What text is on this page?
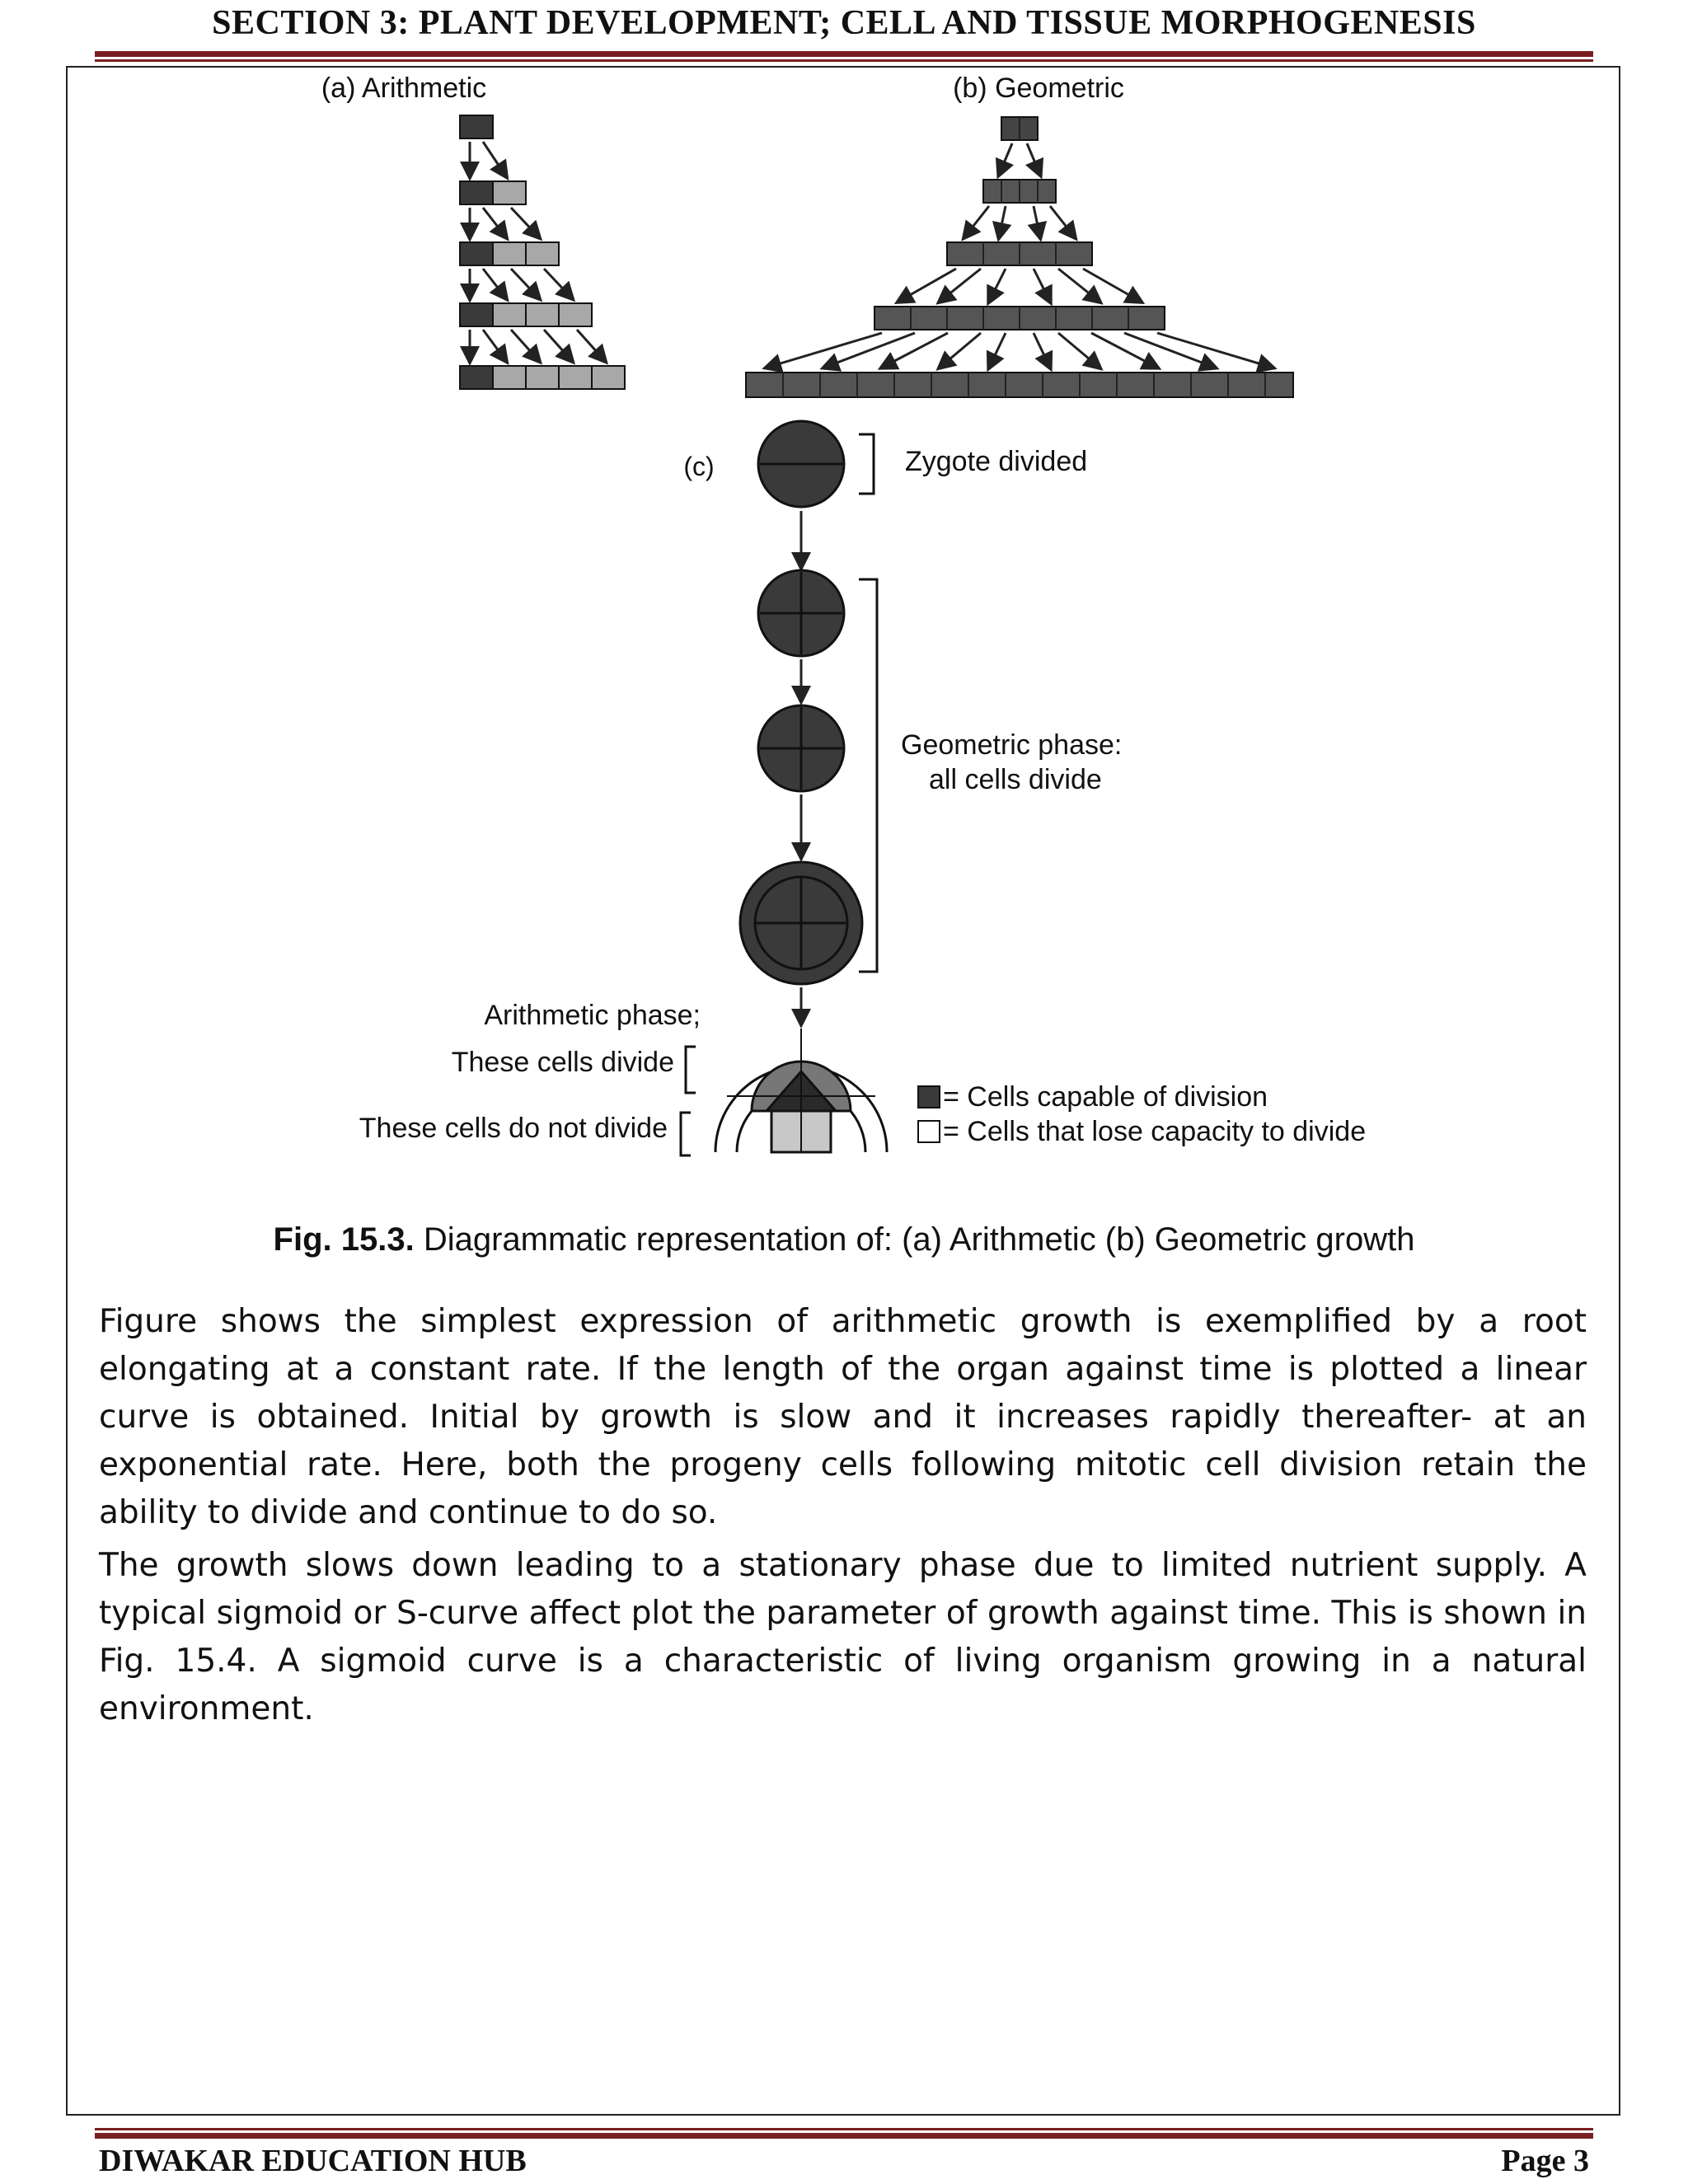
SECTION 3: PLANT DEVELOPMENT; CELL AND TISSUE MORPHOGENESIS
(a) Arithmetic	(b) Geometric
(c)	Zygote divided
Geometric phase:
all cells divide
Arithmetic phase;
These cells divide
These cells do not divide
= Cells capable of division
= Cells that lose capacity to divide
Fig. 15.3. Diagrammatic representation of: (a) Arithmetic (b) Geometric growth

Figure shows the simplest expression of arithmetic growth is exemplified by a root elongating at a constant rate. If the length of the organ against time is plotted a linear curve is obtained. Initial by growth is slow and it increases rapidly thereafter- at an exponential rate. Here, both the progeny cells following mitotic cell division retain the ability to divide and continue to do so.

The growth slows down leading to a stationary phase due to limited nutrient supply. A typical sigmoid or S-curve affect plot the parameter of growth against time. This is shown in Fig. 15.4. A sigmoid curve is a characteristic of living organism growing in a natural environment.

DIWAKAR EDUCATION HUB	Page 3
